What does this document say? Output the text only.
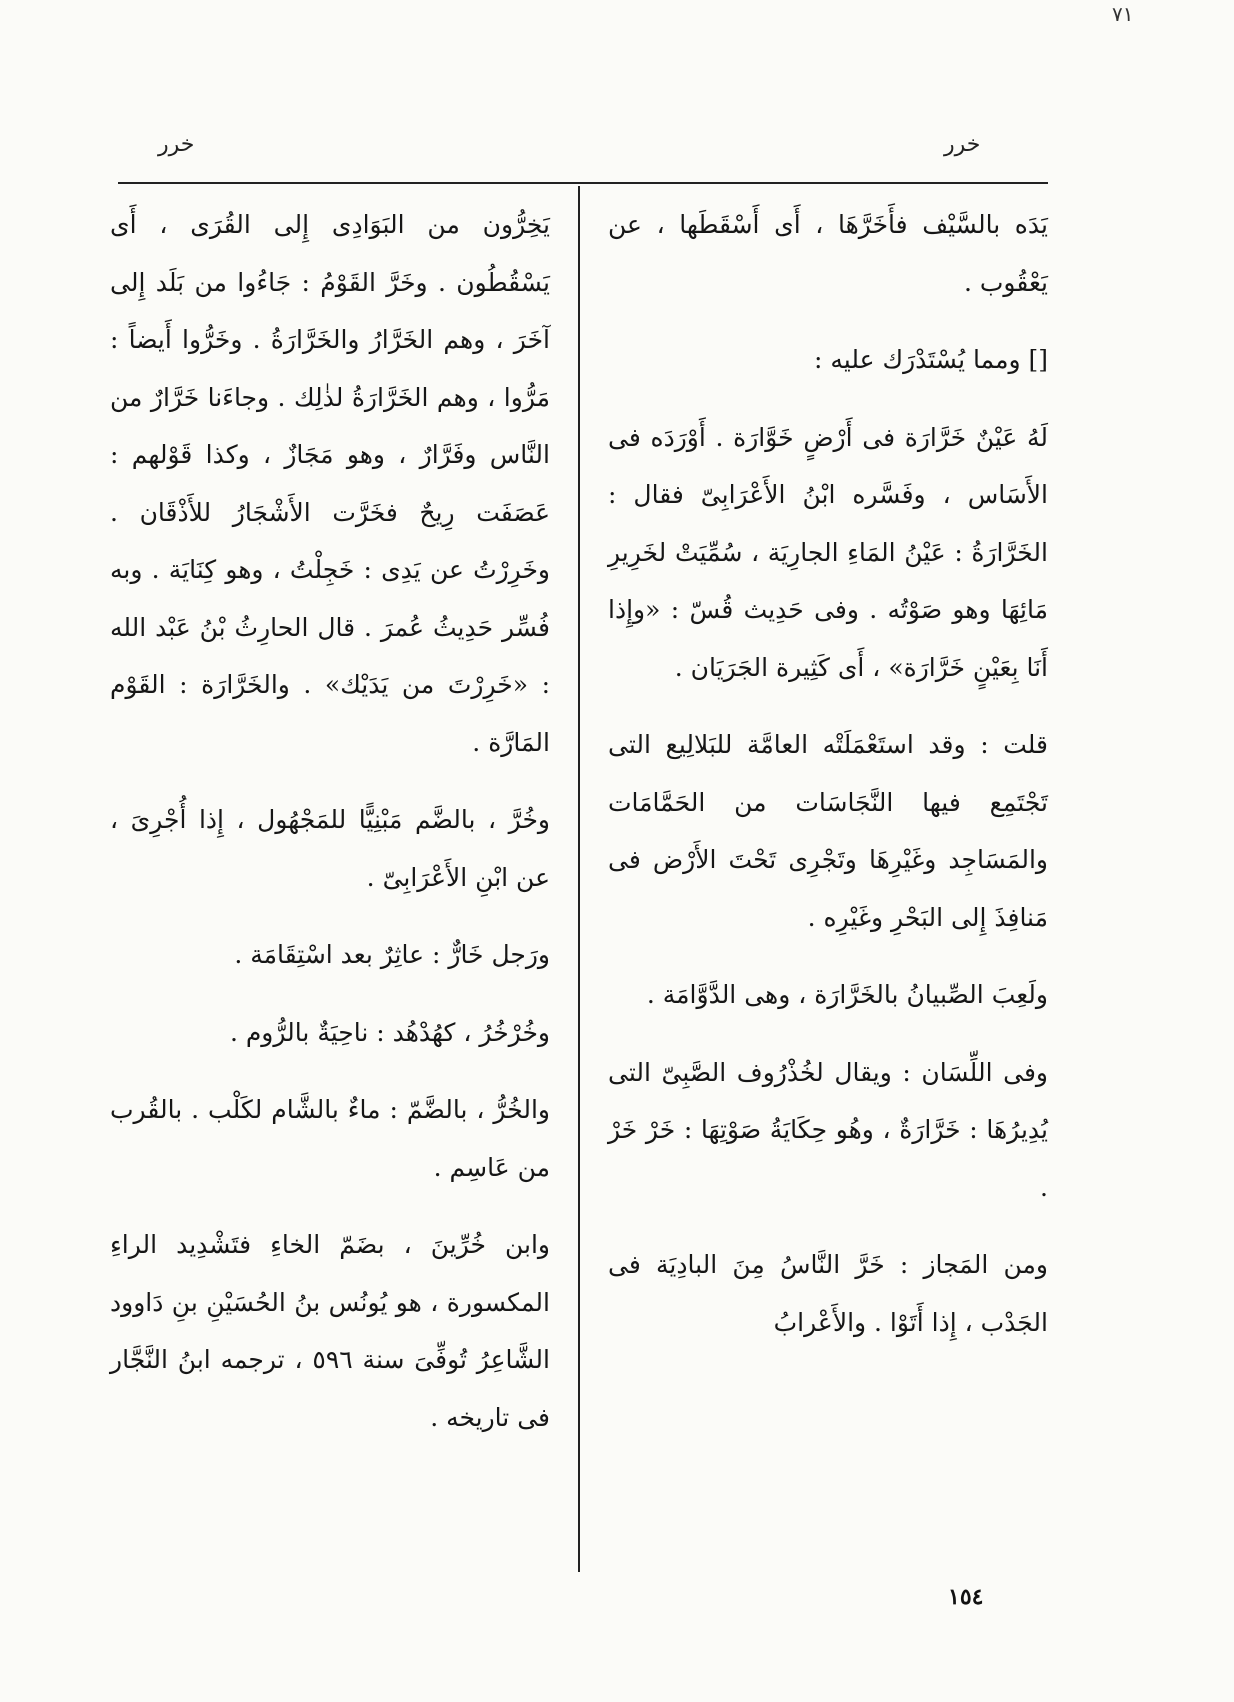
٧١
خرر
خرر

يَدَه بالسَّيْف فأَخَرَّهَا ، أَى أَسْقَطَها ، عن يَعْقُوب .

[] ومما يُسْتَدْرَك عليه :

لَهُ عَيْنٌ خَرَّارَة فى أَرْضٍ خَوَّارَة . أَوْرَدَه فى الأَسَاس ، وفَسَّره ابْنُ الأَعْرَابِىّ فقال : الخَرَّارَةُ : عَيْنُ المَاءِ الجارِيَة ، سُمِّيَتْ لخَرِيرِ مَائِهَا وهو صَوْتُه . وفى حَدِيث قُسّ : «وإِذا أَنَا بِعَيْنٍ خَرَّارَة» ، أَى كَثِيرة الجَرَيَان .

قلت : وقد استَعْمَلَتْه العامَّة للبَلالِيع التى تَجْتَمِع فيها النَّجَاسَات من الحَمَّامَات والمَسَاجِد وغَيْرِهَا وتَجْرِى تَحْتَ الأَرْض فى مَنافِذَ إِلى البَحْرِ وغَيْرِه .

ولَعِبَ الصِّبيانُ بالخَرَّارَة ، وهى الدَّوَّامَة .

وفى اللِّسَان : ويقال لخُذْرُوف الصَّبِىّ التى يُدِيرُهَا : خَرَّارَةٌ ، وهُو حِكَايَةُ صَوْتِهَا : خَرْ خَرْ .

ومن المَجاز : خَرَّ النَّاسُ مِنَ البادِيَة فى الجَدْب ، إِذا أَتَوْا . والأَعْرابُ

يَخِرُّون من البَوَادِى إِلى القُرَى ، أَى يَسْقُطُون . وخَرَّ القَوْمُ : جَاءُوا من بَلَد إِلى آخَرَ ، وهم الخَرَّارُ والخَرَّارَةُ . وخَرُّوا أَيضاً : مَرُّوا ، وهم الخَرَّارَةُ لذٰلِك . وجاءَنا خَرَّارٌ من النَّاس وفَرَّارٌ ، وهو مَجَازٌ ، وكذا قَوْلهم : عَصَفَت رِيحٌ فخَرَّت الأَشْجَارُ للأَذْقَان . وخَرِرْتُ عن يَدِى : خَجِلْتُ ، وهو كِنَايَة . وبه فُسِّر حَدِيثُ عُمرَ . قال الحارِثُ بْنُ عَبْد الله : «خَرِرْتَ من يَدَيْك» . والخَرَّارَة : القَوْم المَارَّة .

وخُرَّ ، بالضَّم مَبْنِيًّا للمَجْهُول ، إِذا أُجْرِىَ ، عن ابْنِ الأَعْرَابِىّ .

ورَجل خَارٌّ : عاثِرٌ بعد اسْتِقَامَة .

وخُرْخُرُ ، كهُدْهُد : ناحِيَةٌ بالرُّوم .

والخُرُّ ، بالضَّمّ : ماءٌ بالشَّام لكَلْب . بالقُرب من عَاسِم .

وابن خُرِّينَ ، بضَمّ الخاءِ فتَشْدِيد الراءِ المكسورة ، هو يُونُس بنُ الحُسَيْنِ بنِ دَاوود الشَّاعِرُ تُوفِّىَ سنة ٥٩٦ ، ترجمه ابنُ النَّجَّار فى تاريخه .

١٥٤
